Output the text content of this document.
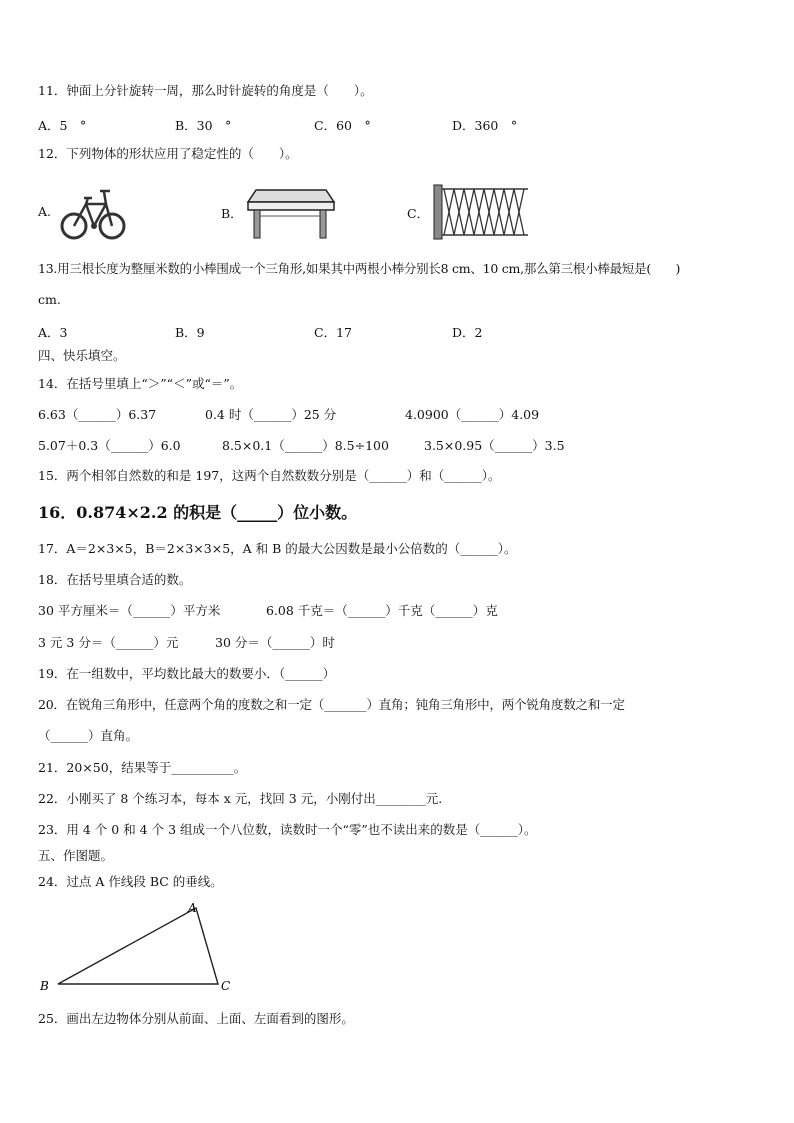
11．钟面上分针旋转一周，那么时针旋转的角度是（　　）。
A．5　°	B．30　°	C．60　°	D．360　°
12．下列物体的形状应用了稳定性的（　　）。
A.	B．	C．
13.用三根长度为整厘米数的小棒围成一个三角形,如果其中两根小棒分别长8 cm、10 cm,那么第三根小棒最短是(　　)
cm.
A．3	B．9	C．17	D．2
四、快乐填空。
14．在括号里填上“＞”“＜”或“＝”。
6.63（______）6.37	0.4 时（______）25 分	4.0900（______）4.09
5.07＋0.3（______）6.0	8.5×0.1（______）8.5÷100	3.5×0.95（______）3.5
15．两个相邻自然数的和是 197，这两个自然数数分别是（______）和（______）。
16．0.874×2.2 的积是（_____）位小数。
17．A＝2×3×5，B＝2×3×3×5，A 和 B 的最大公因数是最小公倍数的（______）。
18．在括号里填合适的数。
30 平方厘米＝（______）平方米	6.08 千克＝（______）千克（______）克
3 元 3 分＝（______）元	30 分＝（______）时
19．在一组数中，平均数比最大的数要小．（______）
20．在锐角三角形中，任意两个角的度数之和一定（_______）直角；钝角三角形中，两个锐角度数之和一定
（______）直角。
21．20×50，结果等于__________。
22．小刚买了 8 个练习本，每本 x 元，找回 3 元，小刚付出________元.
23．用 4 个 0 和 4 个 3 组成一个八位数，读数时一个“零”也不读出来的数是（______）。
五、作图题。
24．过点 A 作线段 BC 的垂线。
A
B	C
25．画出左边物体分别从前面、上面、左面看到的图形。
